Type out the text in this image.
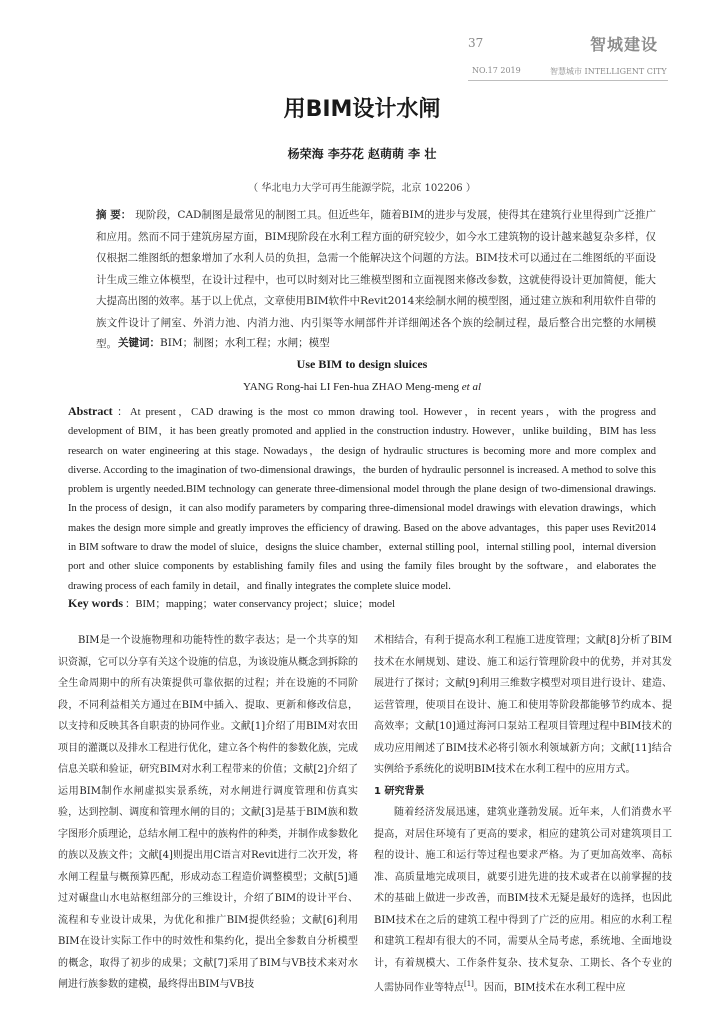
37	智城建设
NO.17 2019	智慧城市 INTELLIGENT CITY
用BIM设计水闸
杨荣海 李芬花 赵萌萌 李 壮
（ 华北电力大学可再生能源学院，北京 102206 ）
摘 要： 现阶段，CAD制图是最常见的制图工具。但近些年，随着BIM的进步与发展，使得其在建筑行业里得到广泛推广和应用。然而不同于建筑房屋方面，BIM现阶段在水利工程方面的研究较少，如今水工建筑物的设计越来越复杂多样，仅仅根据二维图纸的想象增加了水利人员的负担，急需一个能解决这个问题的方法。BIM技术可以通过在二维图纸的平面设计生成三维立体模型，在设计过程中，也可以时刻对比三维模型图和立面视图来修改参数，这就使得设计更加简便，能大大提高出图的效率。基于以上优点，文章使用BIM软件中Revit2014来绘制水闸的模型图，通过建立族和利用软件自带的族文件设计了闸室、外消力池、内消力池、内引渠等水闸部件并详细阐述各个族的绘制过程，最后整合出完整的水闸模型。 关键词：BIM；制图；水利工程；水闸；模型
Use BIM to design sluices
YANG Rong-hai LI Fen-hua ZHAO Meng-meng et al
Abstract ：At present，CAD drawing is the most co mmon drawing tool. However，in recent years，with the progress and development of BIM，it has been greatly promoted and applied in the construction industry. However，unlike building，BIM has less research on water engineering at this stage. Nowadays，the design of hydraulic structures is becoming more and more complex and diverse. According to the imagination of two-dimensional drawings，the burden of hydraulic personnel is increased. A method to solve this problem is urgently needed.BIM technology can generate three-dimensional model through the plane design of two-dimensional drawings. In the process of design，it can also modify parameters by comparing three-dimensional model drawings with elevation drawings，which makes the design more simple and greatly improves the efficiency of drawing. Based on the above advantages，this paper uses Revit2014 in BIM software to draw the model of sluice，designs the sluice chamber，external stilling pool，internal stilling pool，internal diversion port and other sluice components by establishing family files and using the family files brought by the software，and elaborates the drawing process of each family in detail，and finally integrates the complete sluice model.
Key words ：BIM；mapping；water conservancy project；sluice；model

BIM是一个设施物理和功能特性的数字表达；是一个共享的知识资源，它可以分享有关这个设施的信息，为该设施从概念到拆除的全生命周期中的所有决策提供可靠依据的过程；并在设施的不同阶段，不同利益相关方通过在BIM中插入、提取、更新和修改信息，以支持和反映其各自职责的协同作业。文献[1]介绍了用BIM对农田项目的灌溉以及排水工程进行优化，建立各个构件的参数化族，完成信息关联和验证，研究BIM对水利工程带来的价值；文献[2]介绍了运用BIM制作水闸虚拟实景系统，对水闸进行调度管理和仿真实验，达到控制、调度和管理水闸的目的；文献[3]是基于BIM族和数字图形介质理论，总结水闸工程中的族构件的种类，并制作成参数化的族以及族文件；文献[4]则提出用C语言对Revit进行二次开发，将水闸工程量与概预算匹配，形成动态工程造价调整模型；文献[5]通过对碾盘山水电站枢纽部分的三维设计，介绍了BIM的设计平台、流程和专业设计成果，为优化和推广BIM提供经验；文献[6]利用BIM在设计实际工作中的时效性和集约化，提出全参数自分析模型的概念，取得了初步的成果；文献[7]采用了BIM与VB技术来对水闸进行族参数的建模，最终得出BIM与VB技

术相结合，有利于提高水利工程施工进度管理；文献[8]分析了BIM技术在水闸规划、建设、施工和运行管理阶段中的优势，并对其发展进行了探讨；文献[9]利用三维数字模型对项目进行设计、建造、运营管理，使项目在设计、施工和使用等阶段都能够节约成本、提高效率；文献[10]通过海河口泵站工程项目管理过程中BIM技术的成功应用阐述了BIM技术必将引领水利领域新方向；文献[11]结合实例给予系统化的说明BIM技术在水利工程中的应用方式。

1 研究背景

随着经济发展迅速，建筑业蓬勃发展。近年来，人们消费水平提高，对居住环境有了更高的要求，相应的建筑公司对建筑项目工程的设计、施工和运行等过程也要求严格。为了更加高效率、高标准、高质量地完成项目，就要引进先进的技术或者在以前掌握的技术的基础上做进一步改善，而BIM技术无疑是最好的选择，也因此BIM技术在之后的建筑工程中得到了广泛的应用。相应的水利工程和建筑工程却有很大的不同，需要从全局考虑，系统地、全面地设计，有着规模大、工作条件复杂、技术复杂、工期长、各个专业的人需协同作业等特点[1]。因而，BIM技术在水利工程中应
